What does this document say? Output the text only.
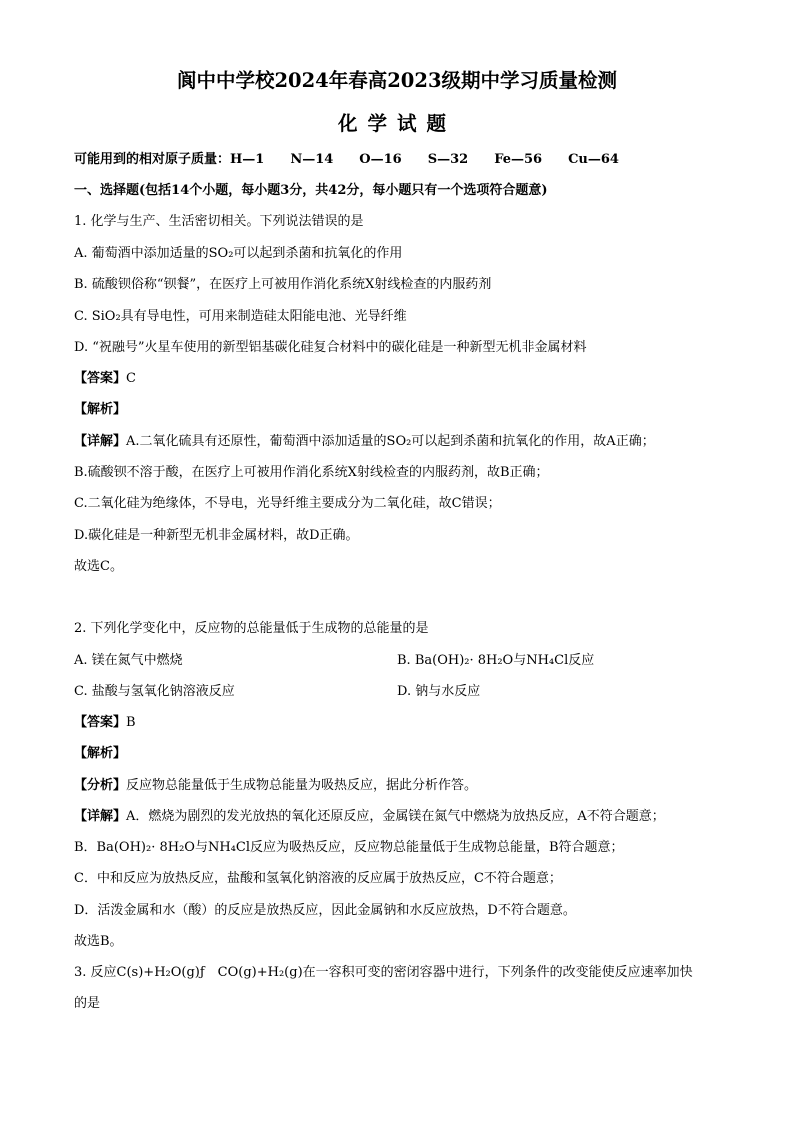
阆中中学校2024年春高2023级期中学习质量检测
化学试题
可能用到的相对原子质量：H—1　　N—14　　O—16　　S—32　　Fe—56　　Cu—64
一、选择题(包括14个小题，每小题3分，共42分，每小题只有一个选项符合题意)
1. 化学与生产、生活密切相关。下列说法错误的是
A. 葡萄酒中添加适量的SO₂可以起到杀菌和抗氧化的作用
B. 硫酸钡俗称“钡餐”，在医疗上可被用作消化系统X射线检查的内服药剂
C. SiO₂具有导电性，可用来制造硅太阳能电池、光导纤维
D. “祝融号”火星车使用的新型铝基碳化硅复合材料中的碳化硅是一种新型无机非金属材料
【答案】C
【解析】
【详解】A.二氧化硫具有还原性，葡萄酒中添加适量的SO₂可以起到杀菌和抗氧化的作用，故A正确；
B.硫酸钡不溶于酸，在医疗上可被用作消化系统X射线检查的内服药剂，故B正确；
C.二氧化硅为绝缘体，不导电，光导纤维主要成分为二氧化硅，故C错误；
D.碳化硅是一种新型无机非金属材料，故D正确。
故选C。
2. 下列化学变化中，反应物的总能量低于生成物的总能量的是
A. 镁在氮气中燃烧	B. Ba(OH)₂· 8H₂O与NH₄Cl反应
C. 盐酸与氢氧化钠溶液反应	D. 钠与水反应
【答案】B
【解析】
【分析】反应物总能量低于生成物总能量为吸热反应，据此分析作答。
【详解】A．燃烧为剧烈的发光放热的氧化还原反应，金属镁在氮气中燃烧为放热反应，A不符合题意；
B．Ba(OH)₂· 8H₂O与NH₄Cl反应为吸热反应，反应物总能量低于生成物总能量，B符合题意；
C．中和反应为放热反应，盐酸和氢氧化钠溶液的反应属于放热反应，C不符合题意；
D．活泼金属和水（酸）的反应是放热反应，因此金属钠和水反应放热，D不符合题意。
故选B。
3. 反应C(s)+H₂O(g)ƒ　CO(g)+H₂(g)在一容积可变的密闭容器中进行，下列条件的改变能使反应速率加快
的是
